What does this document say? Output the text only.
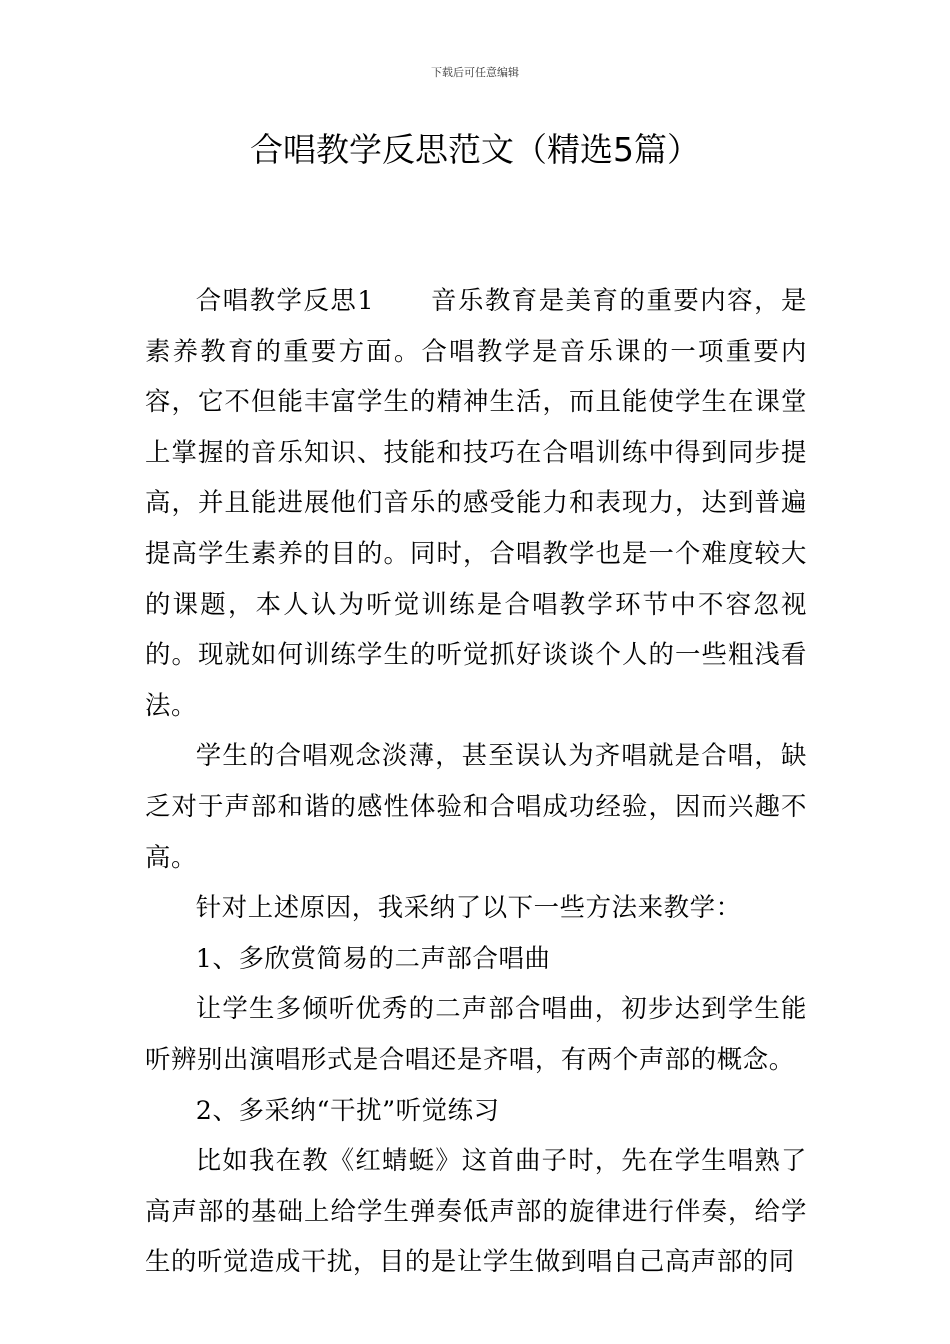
下载后可任意编辑
合唱教学反思范文（精选5篇）

合唱教学反思1 音乐教育是美育的重要内容，是素养教育的重要方面。合唱教学是音乐课的一项重要内容，它不但能丰富学生的精神生活，而且能使学生在课堂上掌握的音乐知识、技能和技巧在合唱训练中得到同步提高，并且能进展他们音乐的感受能力和表现力，达到普遍提高学生素养的目的。同时，合唱教学也是一个难度较大的课题，本人认为听觉训练是合唱教学环节中不容忽视的。现就如何训练学生的听觉抓好谈谈个人的一些粗浅看法。

学生的合唱观念淡薄，甚至误认为齐唱就是合唱，缺乏对于声部和谐的感性体验和合唱成功经验，因而兴趣不高。

针对上述原因，我采纳了以下一些方法来教学：

1、多欣赏简易的二声部合唱曲

让学生多倾听优秀的二声部合唱曲，初步达到学生能听辨别出演唱形式是合唱还是齐唱，有两个声部的概念。

2、多采纳“干扰”听觉练习

比如我在教《红蜻蜓》这首曲子时，先在学生唱熟了高声部的基础上给学生弹奏低声部的旋律进行伴奏，给学生的听觉造成干扰，目的是让学生做到唱自己高声部的同
